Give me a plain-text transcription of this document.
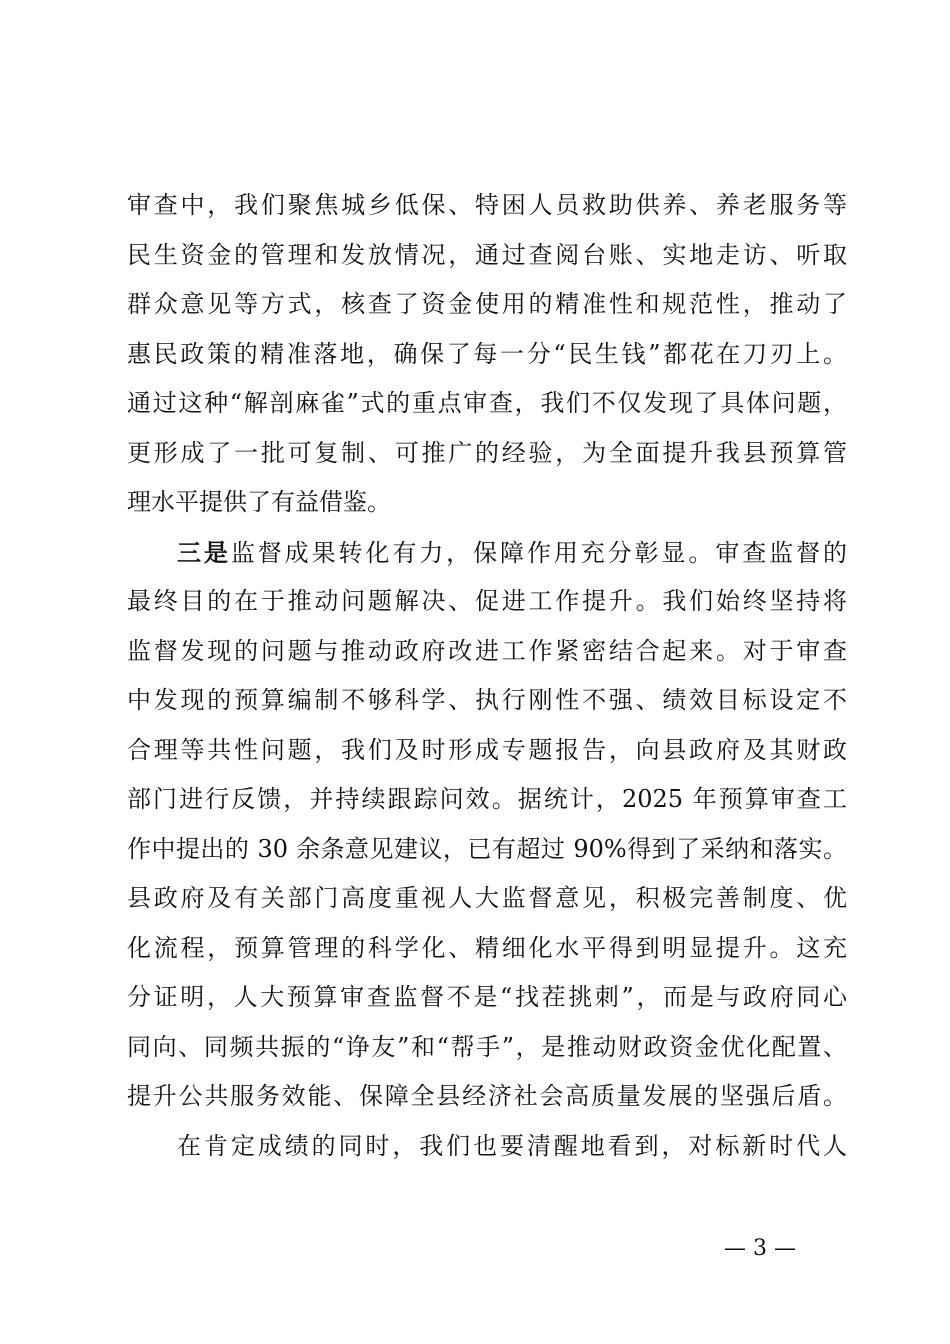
审查中，我们聚焦城乡低保、特困人员救助供养、养老服务等
民生资金的管理和发放情况，通过查阅台账、实地走访、听取
群众意见等方式，核查了资金使用的精准性和规范性，推动了
惠民政策的精准落地，确保了每一分“民生钱”都花在刀刃上。
通过这种“解剖麻雀”式的重点审查，我们不仅发现了具体问题，
更形成了一批可复制、可推广的经验，为全面提升我县预算管
理水平提供了有益借鉴。
三是监督成果转化有力，保障作用充分彰显。审查监督的
最终目的在于推动问题解决、促进工作提升。我们始终坚持将
监督发现的问题与推动政府改进工作紧密结合起来。对于审查
中发现的预算编制不够科学、执行刚性不强、绩效目标设定不
合理等共性问题，我们及时形成专题报告，向县政府及其财政
部门进行反馈，并持续跟踪问效。据统计，2025 年预算审查工
作中提出的 30 余条意见建议，已有超过 90%得到了采纳和落实。
县政府及有关部门高度重视人大监督意见，积极完善制度、优
化流程，预算管理的科学化、精细化水平得到明显提升。这充
分证明，人大预算审查监督不是“找茬挑刺”，而是与政府同心
同向、同频共振的“诤友”和“帮手”，是推动财政资金优化配置、
提升公共服务效能、保障全县经济社会高质量发展的坚强后盾。
在肯定成绩的同时，我们也要清醒地看到，对标新时代人
— 3 —
